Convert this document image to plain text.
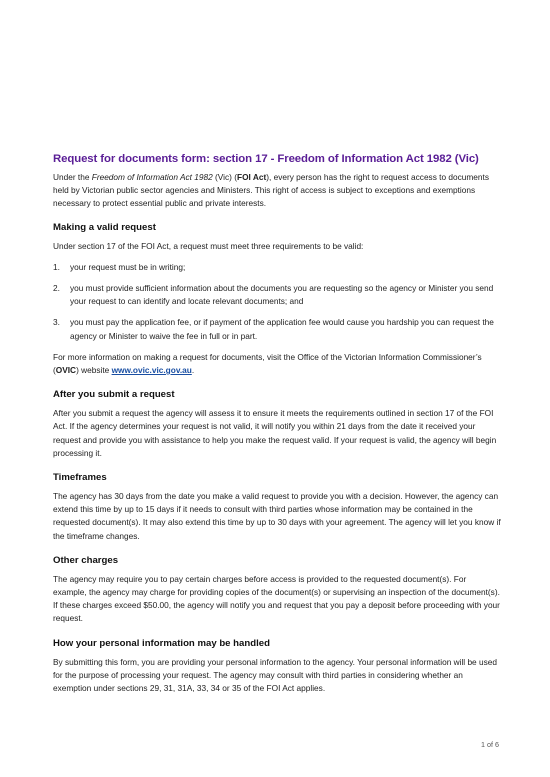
Request for documents form: section 17 - Freedom of Information Act 1982 (Vic)

Under the Freedom of Information Act 1982 (Vic) (FOI Act), every person has the right to request access to documents held by Victorian public sector agencies and Ministers. This right of access is subject to exceptions and exemptions necessary to protect essential public and private interests.

Making a valid request

Under section 17 of the FOI Act, a request must meet three requirements to be valid:

1. your request must be in writing;
2. you must provide sufficient information about the documents you are requesting so the agency or Minister you send your request to can identify and locate relevant documents; and
3. you must pay the application fee, or if payment of the application fee would cause you hardship you can request the agency or Minister to waive the fee in full or in part.

For more information on making a request for documents, visit the Office of the Victorian Information Commissioner’s (OVIC) website www.ovic.vic.gov.au.

After you submit a request

After you submit a request the agency will assess it to ensure it meets the requirements outlined in section 17 of the FOI Act. If the agency determines your request is not valid, it will notify you within 21 days from the date it received your request and provide you with assistance to help you make the request valid. If your request is valid, the agency will begin processing it.

Timeframes

The agency has 30 days from the date you make a valid request to provide you with a decision. However, the agency can extend this time by up to 15 days if it needs to consult with third parties whose information may be contained in the requested document(s). It may also extend this time by up to 30 days with your agreement. The agency will let you know if the timeframe changes.

Other charges

The agency may require you to pay certain charges before access is provided to the requested document(s). For example, the agency may charge for providing copies of the document(s) or supervising an inspection of the document(s). If these charges exceed $50.00, the agency will notify you and request that you pay a deposit before proceeding with your request.

How your personal information may be handled

By submitting this form, you are providing your personal information to the agency. Your personal information will be used for the purpose of processing your request. The agency may consult with third parties in considering whether an exemption under sections 29, 31, 31A, 33, 34 or 35 of the FOI Act applies.

1 of 6
